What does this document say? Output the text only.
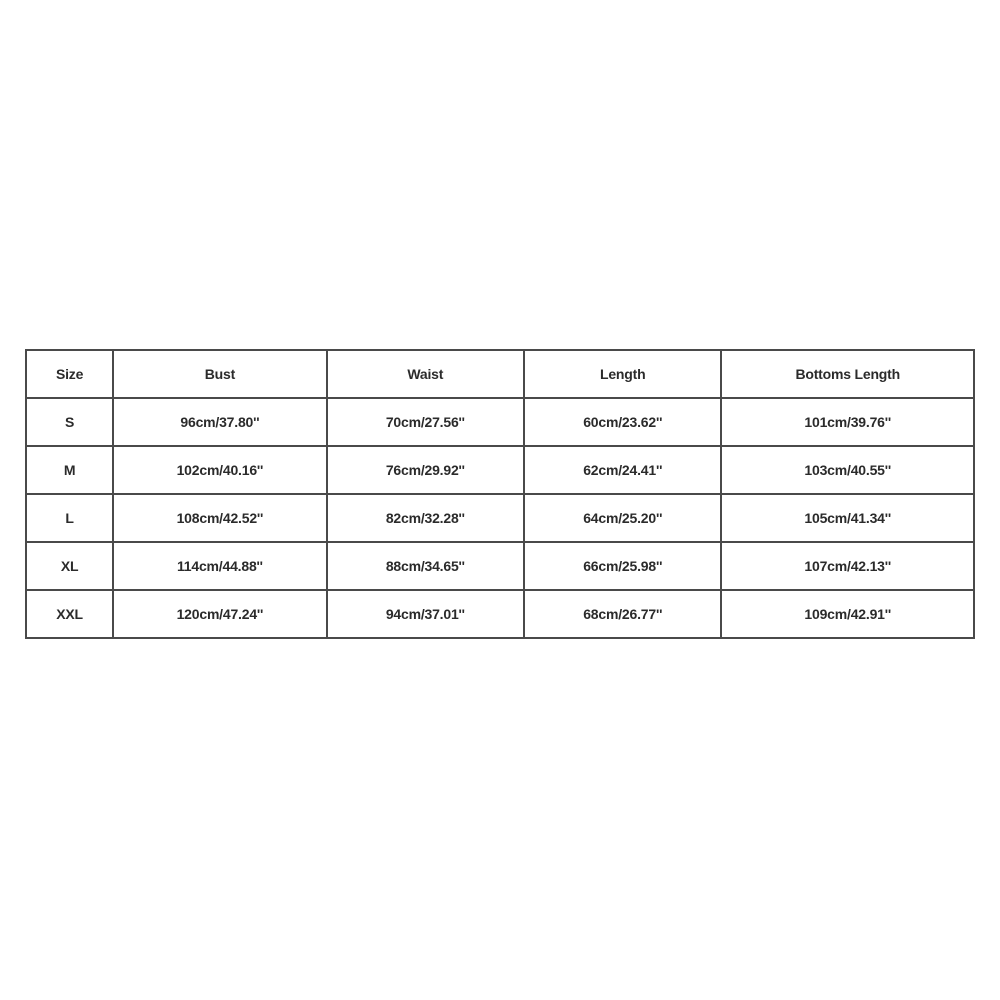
Size	Bust	Waist	Length	Bottoms Length
S	96cm/37.80''	70cm/27.56''	60cm/23.62''	101cm/39.76''
M	102cm/40.16''	76cm/29.92''	62cm/24.41''	103cm/40.55''
L	108cm/42.52''	82cm/32.28''	64cm/25.20''	105cm/41.34''
XL	114cm/44.88''	88cm/34.65''	66cm/25.98''	107cm/42.13''
XXL	120cm/47.24''	94cm/37.01''	68cm/26.77''	109cm/42.91''
